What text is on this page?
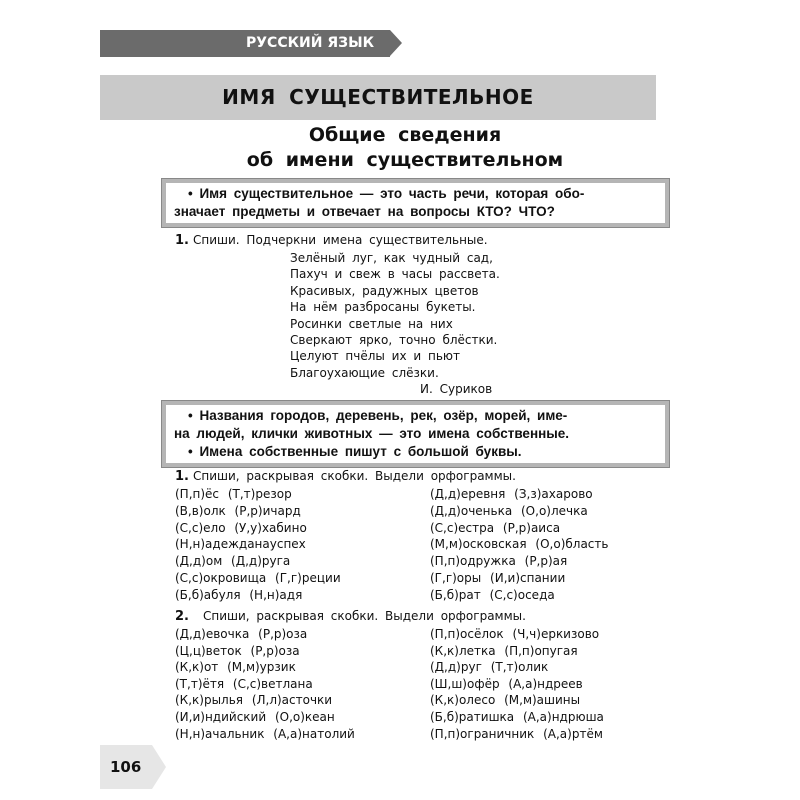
РУССКИЙ ЯЗЫК
ИМЯ СУЩЕСТВИТЕЛЬНОЕ
Общие сведения
об имени существительном
• Имя существительное — это часть речи, которая обо-
значает предметы и отвечает на вопросы КТО? ЧТО?
1. Спиши. Подчеркни имена существительные.
Зелёный луг, как чудный сад,
Пахуч и свеж в часы рассвета.
Красивых, радужных цветов
На нём разбросаны букеты.
Росинки светлые на них
Сверкают ярко, точно блёстки.
Целуют пчёлы их и пьют
Благоухающие слёзки.
И. Суриков
• Названия городов, деревень, рек, озёр, морей, име-
на людей, клички животных — это имена собственные.
• Имена собственные пишут с большой буквы.
1. Спиши, раскрывая скобки. Выдели орфограммы.
(П,п)ёс (Т,т)резор
(В,в)олк (Р,р)ичард
(С,с)ело (У,у)хабино
(Н,н)адежданауспех
(Д,д)ом (Д,д)руга
(С,с)окровища (Г,г)реции
(Б,б)абуля (Н,н)адя
(Д,д)еревня (З,з)ахарово
(Д,д)оченька (О,о)лечка
(С,с)естра (Р,р)аиса
(М,м)осковская (О,о)бласть
(П,п)одружка (Р,р)ая
(Г,г)оры (И,и)спании
(Б,б)рат (С,с)оседа
2. Спиши, раскрывая скобки. Выдели орфограммы.
(Д,д)евочка (Р,р)оза
(Ц,ц)веток (Р,р)оза
(К,к)от (М,м)урзик
(Т,т)ётя (С,с)ветлана
(К,к)рылья (Л,л)асточки
(И,и)ндийский (О,о)кеан
(Н,н)ачальник (А,а)натолий
(П,п)осёлок (Ч,ч)еркизово
(К,к)летка (П,п)опугая
(Д,д)руг (Т,т)олик
(Ш,ш)офёр (А,а)ндреев
(К,к)олесо (М,м)ашины
(Б,б)ратишка (А,а)ндрюша
(П,п)ограничник (А,а)ртём
106
